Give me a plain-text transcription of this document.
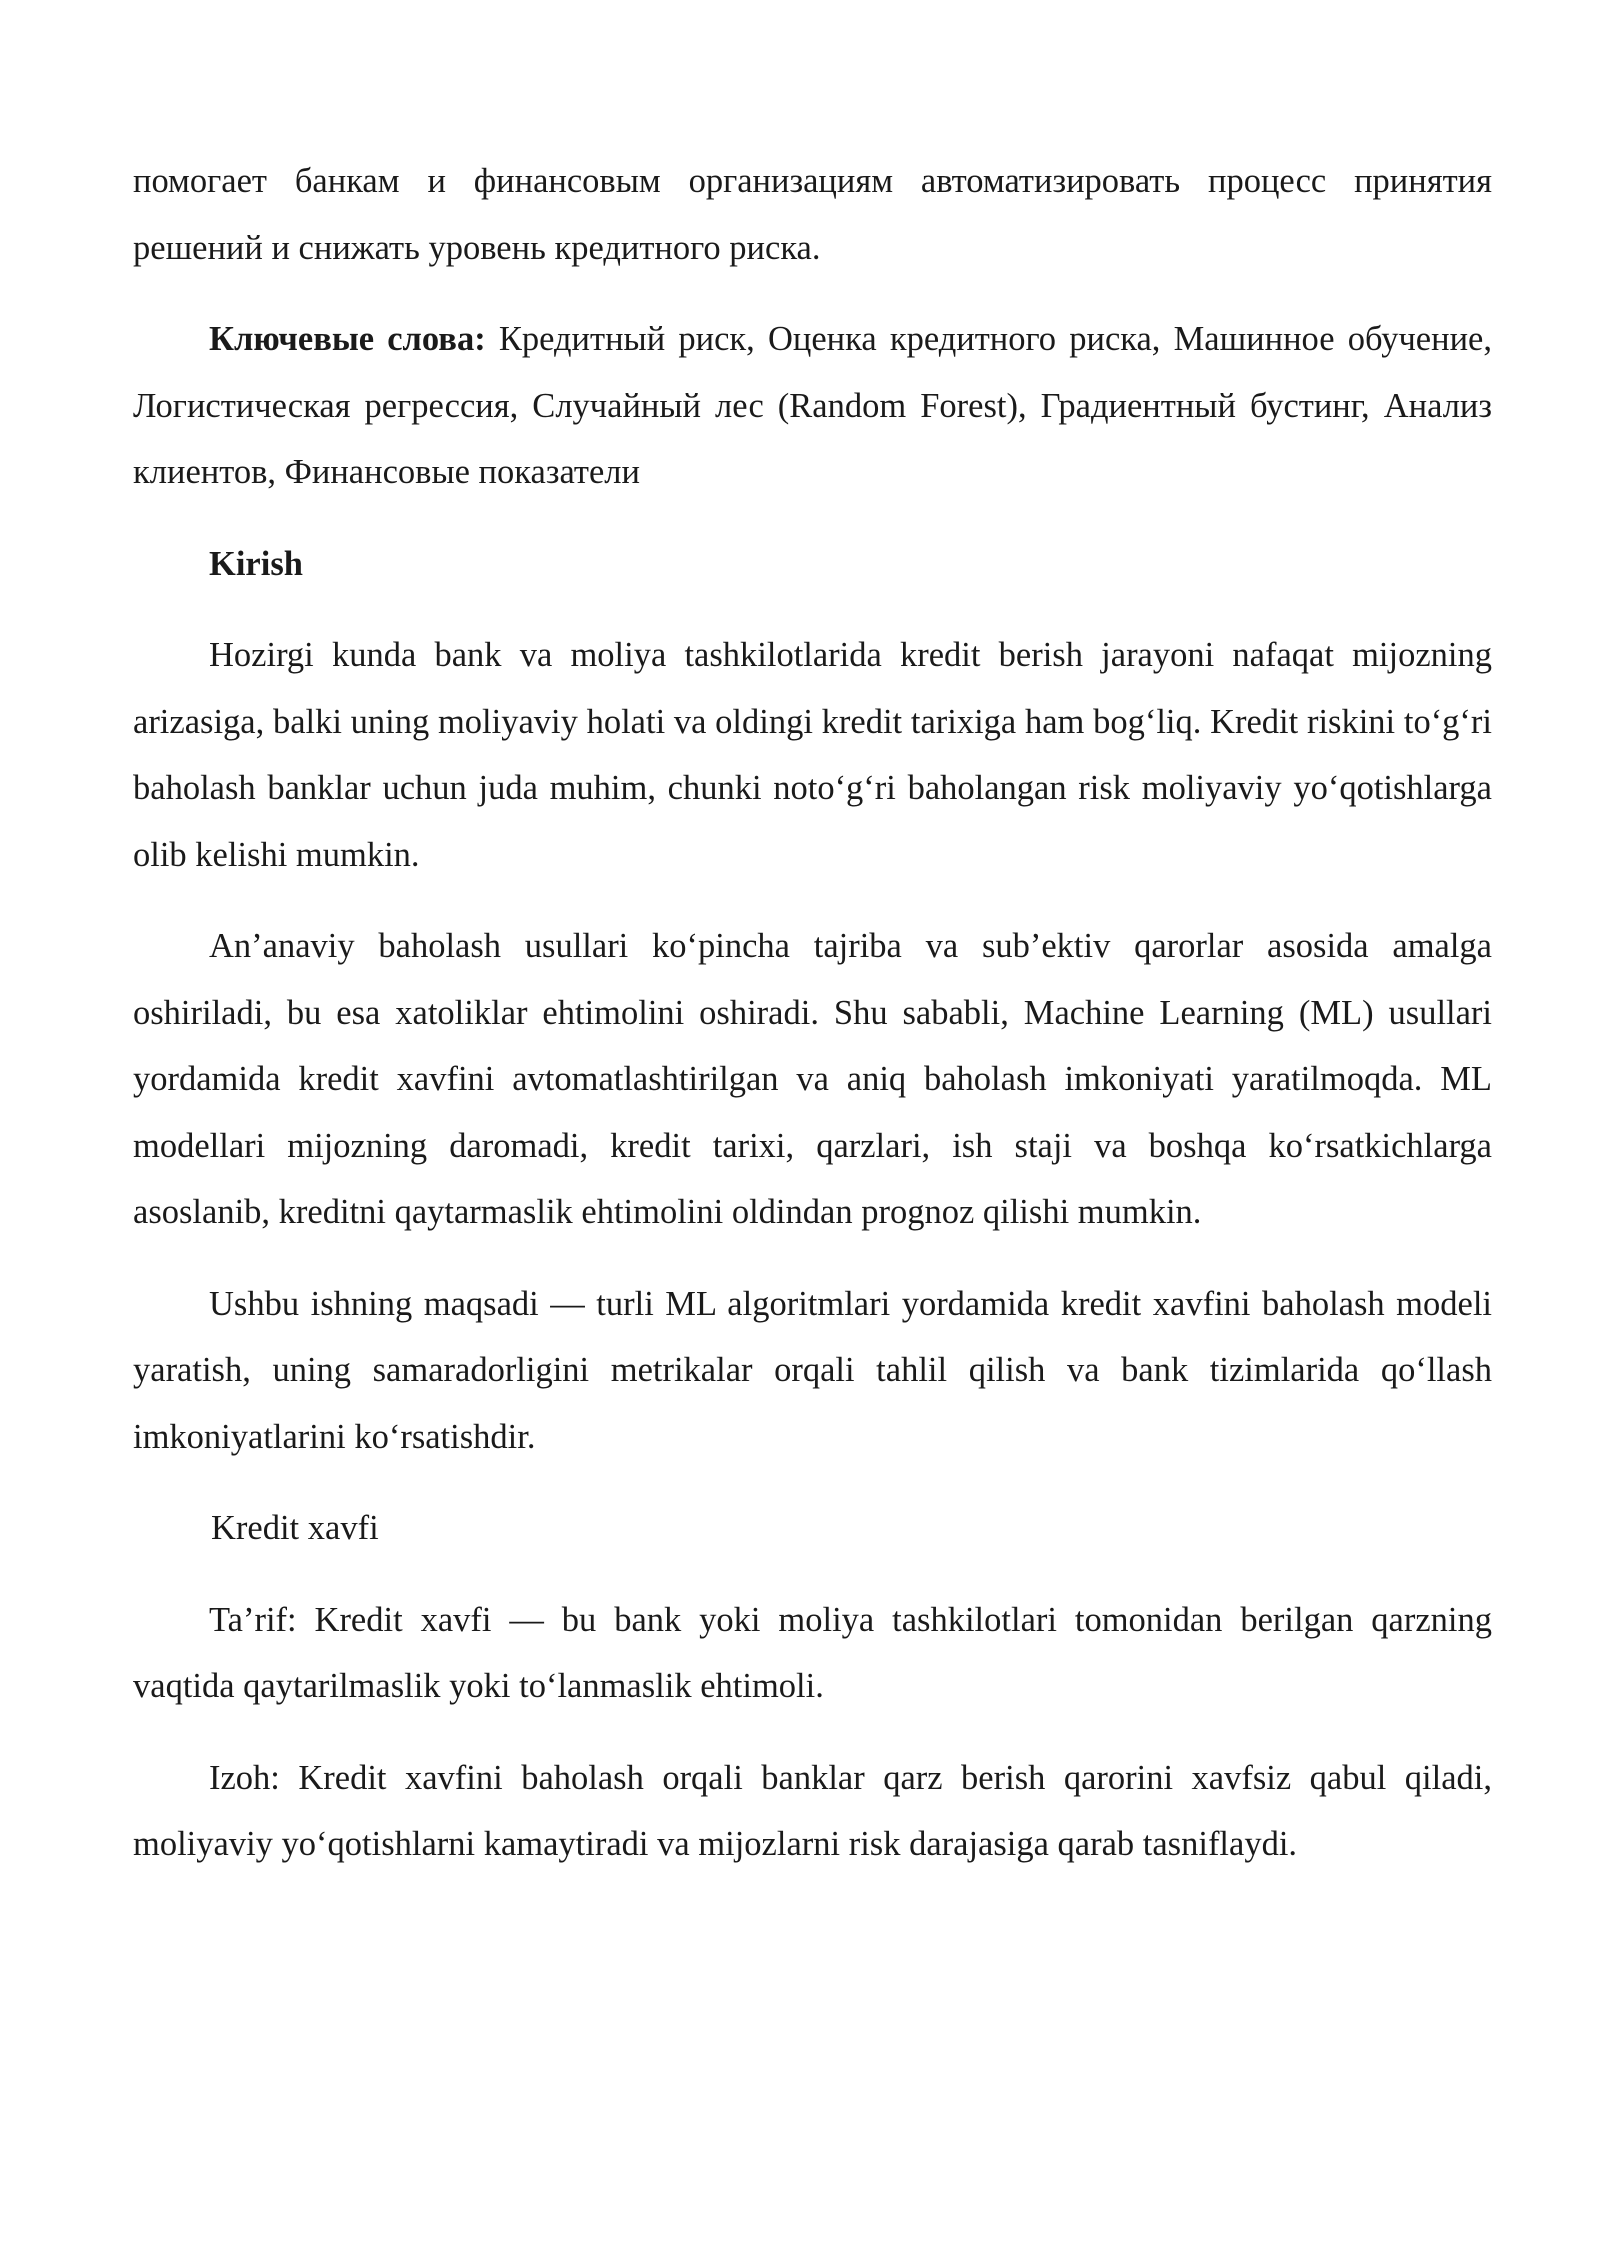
помогает банкам и финансовым организациям автоматизировать процесс принятия решений и снижать уровень кредитного риска.

Ключевые слова: Кредитный риск, Оценка кредитного риска, Машинное обучение, Логистическая регрессия, Случайный лес (Random Forest), Градиентный бустинг, Анализ клиентов, Финансовые показатели

Kirish

Hozirgi kunda bank va moliya tashkilotlarida kredit berish jarayoni nafaqat mijozning arizasiga, balki uning moliyaviy holati va oldingi kredit tarixiga ham bog‘liq. Kredit riskini to‘g‘ri baholash banklar uchun juda muhim, chunki noto‘g‘ri baholangan risk moliyaviy yo‘qotishlarga olib kelishi mumkin.

An’anaviy baholash usullari ko‘pincha tajriba va sub’ektiv qarorlar asosida amalga oshiriladi, bu esa xatoliklar ehtimolini oshiradi. Shu sababli, Machine Learning (ML) usullari yordamida kredit xavfini avtomatlashtirilgan va aniq baholash imkoniyati yaratilmoqda. ML modellari mijozning daromadi, kredit tarixi, qarzlari, ish staji va boshqa ko‘rsatkichlarga asoslanib, kreditni qaytarmaslik ehtimolini oldindan prognoz qilishi mumkin.

Ushbu ishning maqsadi — turli ML algoritmlari yordamida kredit xavfini baholash modeli yaratish, uning samaradorligini metrikalar orqali tahlil qilish va bank tizimlarida qo‘llash imkoniyatlarini ko‘rsatishdir.

Kredit xavfi

Ta’rif: Kredit xavfi — bu bank yoki moliya tashkilotlari tomonidan berilgan qarzning vaqtida qaytarilmaslik yoki to‘lanmaslik ehtimoli.

Izoh: Kredit xavfini baholash orqali banklar qarz berish qarorini xavfsiz qabul qiladi, moliyaviy yo‘qotishlarni kamaytiradi va mijozlarni risk darajasiga qarab tasniflaydi.
